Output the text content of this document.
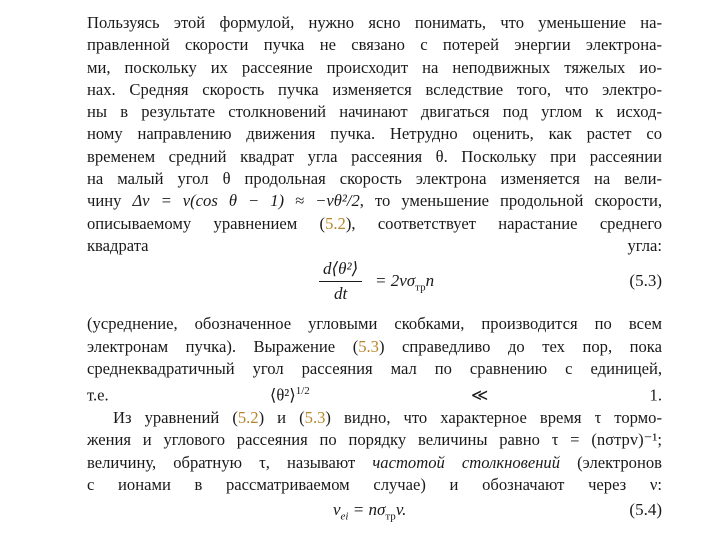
Пользуясь этой формулой, нужно ясно понимать, что уменьшение на-
правленной скорости пучка не связано с потерей энергии электрона-
ми, поскольку их рассеяние происходит на неподвижных тяжелых ио-
нах. Средняя скорость пучка изменяется вследствие того, что электро-
ны в результате столкновений начинают двигаться под углом к исход-
ному направлению движения пучка. Нетрудно оценить, как растет со
временем средний квадрат угла рассеяния θ. Поскольку при рассеянии
на малый угол θ продольная скорость электрона изменяется на вели-
чину Δv = v(cos θ − 1) ≈ −vθ²/2, то уменьшение продольной скорости,
описываемому уравнением (5.2), соответствует нарастание среднего
квадрата угла:
$\frac{\text{d⟨θ²⟩}}{dt} = 2v\sigma_{тр}n$	(5.3)
(усреднение, обозначенное угловыми скобками, производится по всем
электронам пучка). Выражение (5.3) справедливо до тех пор, пока
среднеквадратичный угол рассеяния мал по сравнению с единицей,
т.е. ⟨θ²⟩$^{1/2}$ ≪ 1.
Из уравнений (5.2) и (5.3) видно, что характерное время τ тормо-
жения и углового рассеяния по порядку величины равно τ = (nσтрv)⁻¹;
величину, обратную τ, называют частотой столкновений (электронов
с ионами в рассматриваемом случае) и обозначают через ν:
$\nu_{ei} = n\sigma_{тр}v$.	(5.4)
